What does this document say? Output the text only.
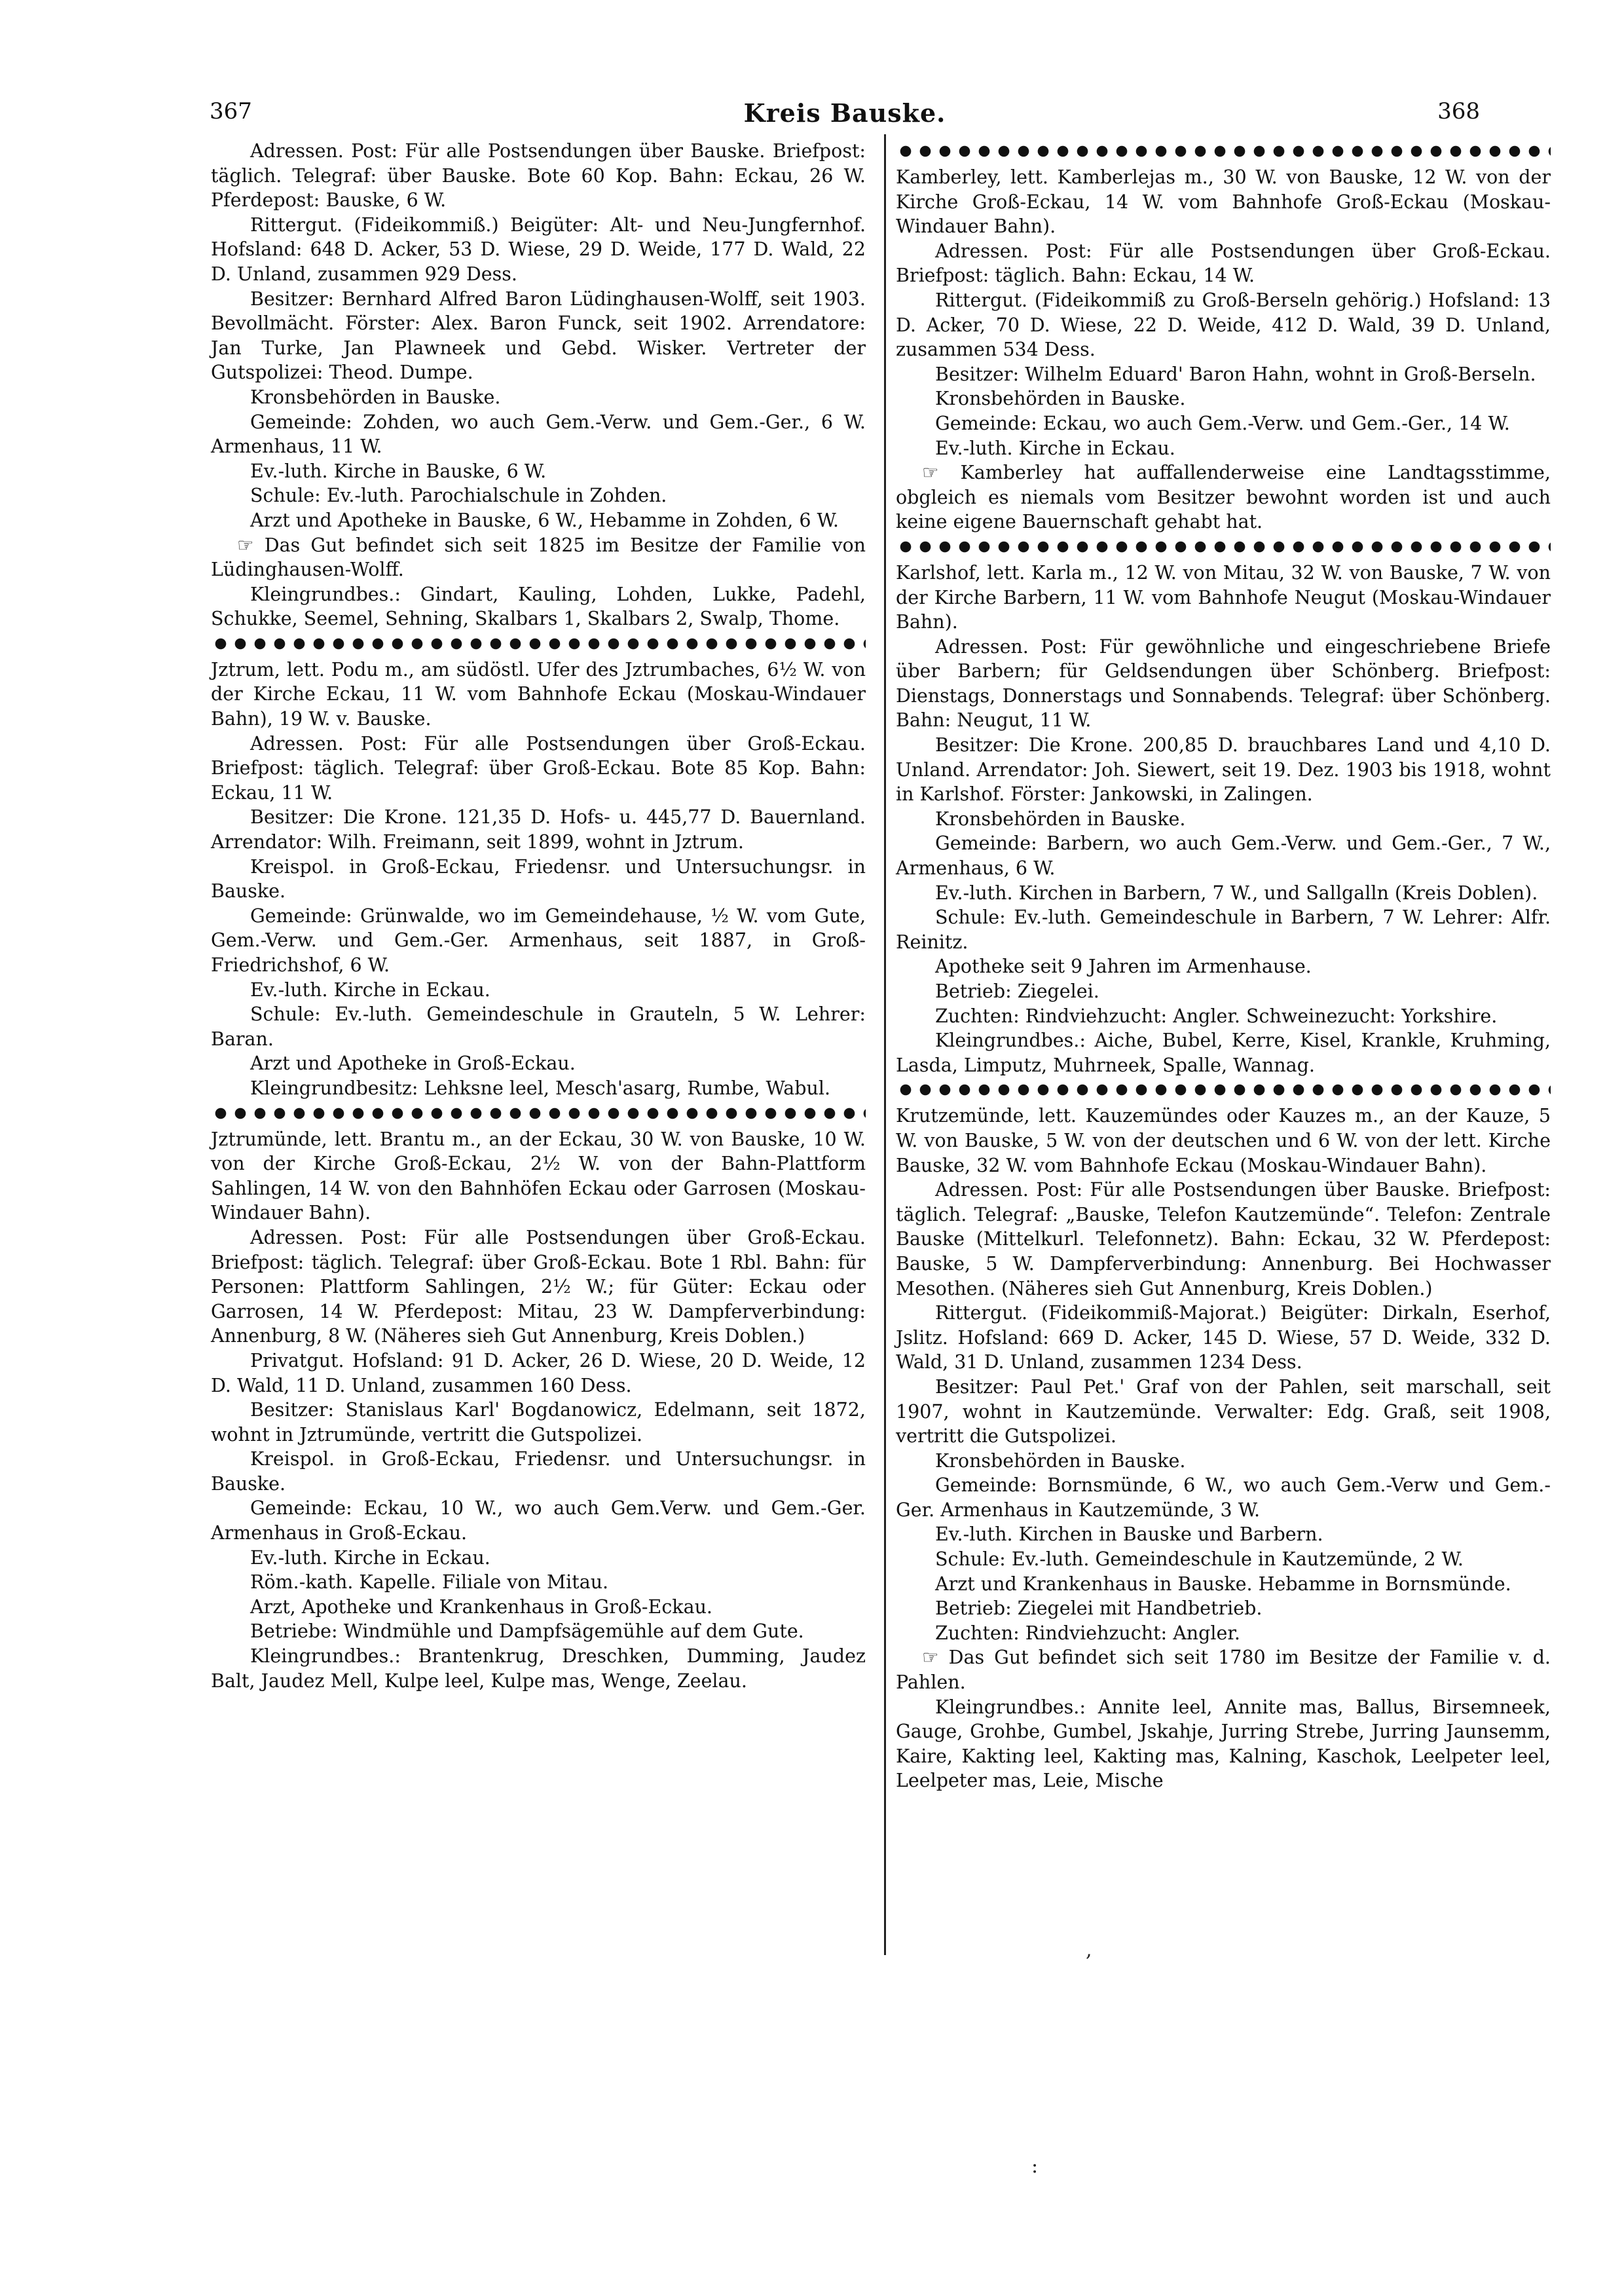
367	Kreis Bauske.	368

Adressen. Post: Für alle Postsendungen über Bauske. Briefpost: täglich. Telegraf: über Bauske. Bote 60 Kop. Bahn: Eckau, 26 W. Pferdepost: Bauske, 6 W.

Rittergut. (Fideikommiß.) Beigüter: Alt- und Neu-Jungfernhof. Hofsland: 648 D. Acker, 53 D. Wiese, 29 D. Weide, 177 D. Wald, 22 D. Unland, zusammen 929 Dess.

Besitzer: Bernhard Alfred Baron Lüdinghausen-Wolff, seit 1903. Bevollmächt. Förster: Alex. Baron Funck, seit 1902. Arrendatore: Jan Turke, Jan Plawneek und Gebd. Wisker. Vertreter der Gutspolizei: Theod. Dumpe.

Kronsbehörden in Bauske.

Gemeinde: Zohden, wo auch Gem.-Verw. und Gem.-Ger., 6 W. Armenhaus, 11 W.

Ev.-luth. Kirche in Bauske, 6 W.

Schule: Ev.-luth. Parochialschule in Zohden.

Arzt und Apotheke in Bauske, 6 W., Hebamme in Zohden, 6 W.

☞ Das Gut befindet sich seit 1825 im Besitze der Familie von Lüdinghausen-Wolff.

Kleingrundbes.: Gindart, Kauling, Lohden, Lukke, Padehl, Schukke, Seemel, Sehning, Skalbars 1, Skalbars 2, Swalp, Thome.

Jztrum, lett. Podu m., am südöstl. Ufer des Jztrumbaches, 6½ W. von der Kirche Eckau, 11 W. vom Bahnhofe Eckau (Moskau-Windauer Bahn), 19 W. v. Bauske.

Adressen. Post: Für alle Postsendungen über Groß-Eckau. Briefpost: täglich. Telegraf: über Groß-Eckau. Bote 85 Kop. Bahn: Eckau, 11 W.

Besitzer: Die Krone. 121,35 D. Hofs- u. 445,77 D. Bauernland. Arrendator: Wilh. Freimann, seit 1899, wohnt in Jztrum.

Kreispol. in Groß-Eckau, Friedensr. und Untersuchungsr. in Bauske.

Gemeinde: Grünwalde, wo im Gemeindehause, ½ W. vom Gute, Gem.-Verw. und Gem.-Ger. Armenhaus, seit 1887, in Groß-Friedrichshof, 6 W.

Ev.-luth. Kirche in Eckau.

Schule: Ev.-luth. Gemeindeschule in Grauteln, 5 W. Lehrer: Baran.

Arzt und Apotheke in Groß-Eckau.

Kleingrundbesitz: Lehksne leel, Mesch'asarg, Rumbe, Wabul.

Jztrumünde, lett. Brantu m., an der Eckau, 30 W. von Bauske, 10 W. von der Kirche Groß-Eckau, 2½ W. von der Bahn-Plattform Sahlingen, 14 W. von den Bahnhöfen Eckau oder Garrosen (Moskau-Windauer Bahn).

Adressen. Post: Für alle Postsendungen über Groß-Eckau. Briefpost: täglich. Telegraf: über Groß-Eckau. Bote 1 Rbl. Bahn: für Personen: Plattform Sahlingen, 2½ W.; für Güter: Eckau oder Garrosen, 14 W. Pferdepost: Mitau, 23 W. Dampferverbindung: Annenburg, 8 W. (Näheres sieh Gut Annenburg, Kreis Doblen.)

Privatgut. Hofsland: 91 D. Acker, 26 D. Wiese, 20 D. Weide, 12 D. Wald, 11 D. Unland, zusammen 160 Dess.

Besitzer: Stanislaus Karl' Bogdanowicz, Edelmann, seit 1872, wohnt in Jztrumünde, vertritt die Gutspolizei.

Kreispol. in Groß-Eckau, Friedensr. und Untersuchungsr. in Bauske.

Gemeinde: Eckau, 10 W., wo auch Gem.Verw. und Gem.-Ger. Armenhaus in Groß-Eckau.

Ev.-luth. Kirche in Eckau.

Röm.-kath. Kapelle. Filiale von Mitau.

Arzt, Apotheke und Krankenhaus in Groß-Eckau.

Betriebe: Windmühle und Dampfsägemühle auf dem Gute.

Kleingrundbes.: Brantenkrug, Dreschken, Dumming, Jaudez Balt, Jaudez Mell, Kulpe leel, Kulpe mas, Wenge, Zeelau.

Kamberley, lett. Kamberlejas m., 30 W. von Bauske, 12 W. von der Kirche Groß-Eckau, 14 W. vom Bahnhofe Groß-Eckau (Moskau-Windauer Bahn).

Adressen. Post: Für alle Postsendungen über Groß-Eckau. Briefpost: täglich. Bahn: Eckau, 14 W.

Rittergut. (Fideikommiß zu Groß-Berseln gehörig.) Hofsland: 13 D. Acker, 70 D. Wiese, 22 D. Weide, 412 D. Wald, 39 D. Unland, zusammen 534 Dess.

Besitzer: Wilhelm Eduard' Baron Hahn, wohnt in Groß-Berseln.

Kronsbehörden in Bauske.

Gemeinde: Eckau, wo auch Gem.-Verw. und Gem.-Ger., 14 W.

Ev.-luth. Kirche in Eckau.

☞ Kamberley hat auffallenderweise eine Landtagsstimme, obgleich es niemals vom Besitzer bewohnt worden ist und auch keine eigene Bauernschaft gehabt hat.

Karlshof, lett. Karla m., 12 W. von Mitau, 32 W. von Bauske, 7 W. von der Kirche Barbern, 11 W. vom Bahnhofe Neugut (Moskau-Windauer Bahn).

Adressen. Post: Für gewöhnliche und eingeschriebene Briefe über Barbern; für Geldsendungen über Schönberg. Briefpost: Dienstags, Donnerstags und Sonnabends. Telegraf: über Schönberg. Bahn: Neugut, 11 W.

Besitzer: Die Krone. 200,85 D. brauchbares Land und 4,10 D. Unland. Arrendator: Joh. Siewert, seit 19. Dez. 1903 bis 1918, wohnt in Karlshof. Förster: Jankowski, in Zalingen.

Kronsbehörden in Bauske.

Gemeinde: Barbern, wo auch Gem.-Verw. und Gem.-Ger., 7 W., Armenhaus, 6 W.

Ev.-luth. Kirchen in Barbern, 7 W., und Sallgalln (Kreis Doblen).

Schule: Ev.-luth. Gemeindeschule in Barbern, 7 W. Lehrer: Alfr. Reinitz.

Apotheke seit 9 Jahren im Armenhause.

Betrieb: Ziegelei.

Zuchten: Rindviehzucht: Angler. Schweinezucht: Yorkshire.

Kleingrundbes.: Aiche, Bubel, Kerre, Kisel, Krankle, Kruhming, Lasda, Limputz, Muhrneek, Spalle, Wannag.

Krutzemünde, lett. Kauzemündes oder Kauzes m., an der Kauze, 5 W. von Bauske, 5 W. von der deutschen und 6 W. von der lett. Kirche Bauske, 32 W. vom Bahnhofe Eckau (Moskau-Windauer Bahn).

Adressen. Post: Für alle Postsendungen über Bauske. Briefpost: täglich. Telegraf: „Bauske, Telefon Kautzemünde“. Telefon: Zentrale Bauske (Mittelkurl. Telefonnetz). Bahn: Eckau, 32 W. Pferdepost: Bauske, 5 W. Dampferverbindung: Annenburg. Bei Hochwasser Mesothen. (Näheres sieh Gut Annenburg, Kreis Doblen.)

Rittergut. (Fideikommiß-Majorat.) Beigüter: Dirkaln, Eserhof, Jslitz. Hofsland: 669 D. Acker, 145 D. Wiese, 57 D. Weide, 332 D. Wald, 31 D. Unland, zusammen 1234 Dess.

Besitzer: Paul Pet.' Graf von der Pahlen, seit marschall, seit 1907, wohnt in Kautzemünde. Verwalter: Edg. Graß, seit 1908, vertritt die Gutspolizei.

Kronsbehörden in Bauske.

Gemeinde: Bornsmünde, 6 W., wo auch Gem.-Verw und Gem.-Ger. Armenhaus in Kautzemünde, 3 W.

Ev.-luth. Kirchen in Bauske und Barbern.

Schule: Ev.-luth. Gemeindeschule in Kautzemünde, 2 W.

Arzt und Krankenhaus in Bauske. Hebamme in Bornsmünde.

Betrieb: Ziegelei mit Handbetrieb.

Zuchten: Rindviehzucht: Angler.

☞ Das Gut befindet sich seit 1780 im Besitze der Familie v. d. Pahlen.

Kleingrundbes.: Annite leel, Annite mas, Ballus, Birsemneek, Gauge, Grohbe, Gumbel, Jskahje, Jurring Strebe, Jurring Jaunsemm, Kaire, Kakting leel, Kakting mas, Kalning, Kaschok, Leelpeter leel, Leelpeter mas, Leie, Mische

,
:
